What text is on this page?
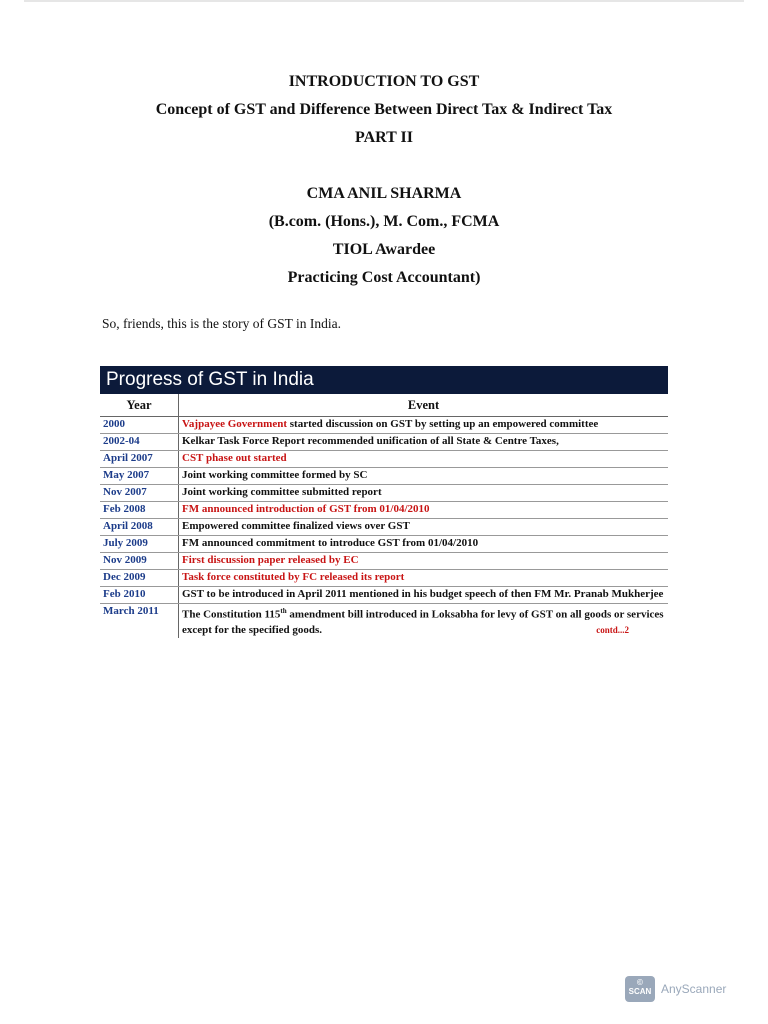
INTRODUCTION TO GST
Concept of GST and Difference Between Direct Tax & Indirect Tax
PART II
CMA ANIL SHARMA
(B.com. (Hons.), M. Com., FCMA
TIOL Awardee
Practicing Cost Accountant)
So, friends, this is the story of GST in India.
Progress of GST in India
Year	Event
2000	Vajpayee Government started discussion on GST by setting up an empowered committee
2002-04	Kelkar Task Force Report recommended unification of all State & Centre Taxes,
April 2007	CST phase out started
May 2007	Joint working committee formed by SC
Nov 2007	Joint working committee submitted report
Feb 2008	FM announced introduction of GST from 01/04/2010
April 2008	Empowered committee finalized views over GST
July 2009	FM announced commitment to introduce GST from 01/04/2010
Nov 2009	First discussion paper released by EC
Dec 2009	Task force constituted by FC released its report
Feb 2010	GST to be introduced in April 2011 mentioned in his budget speech of then FM Mr. Pranab Mukherjee
March 2011	The Constitution 115th amendment bill introduced in Loksabha for levy of GST on all goods or services except for the specified goods. contd...2
©
SCAN AnyScanner
